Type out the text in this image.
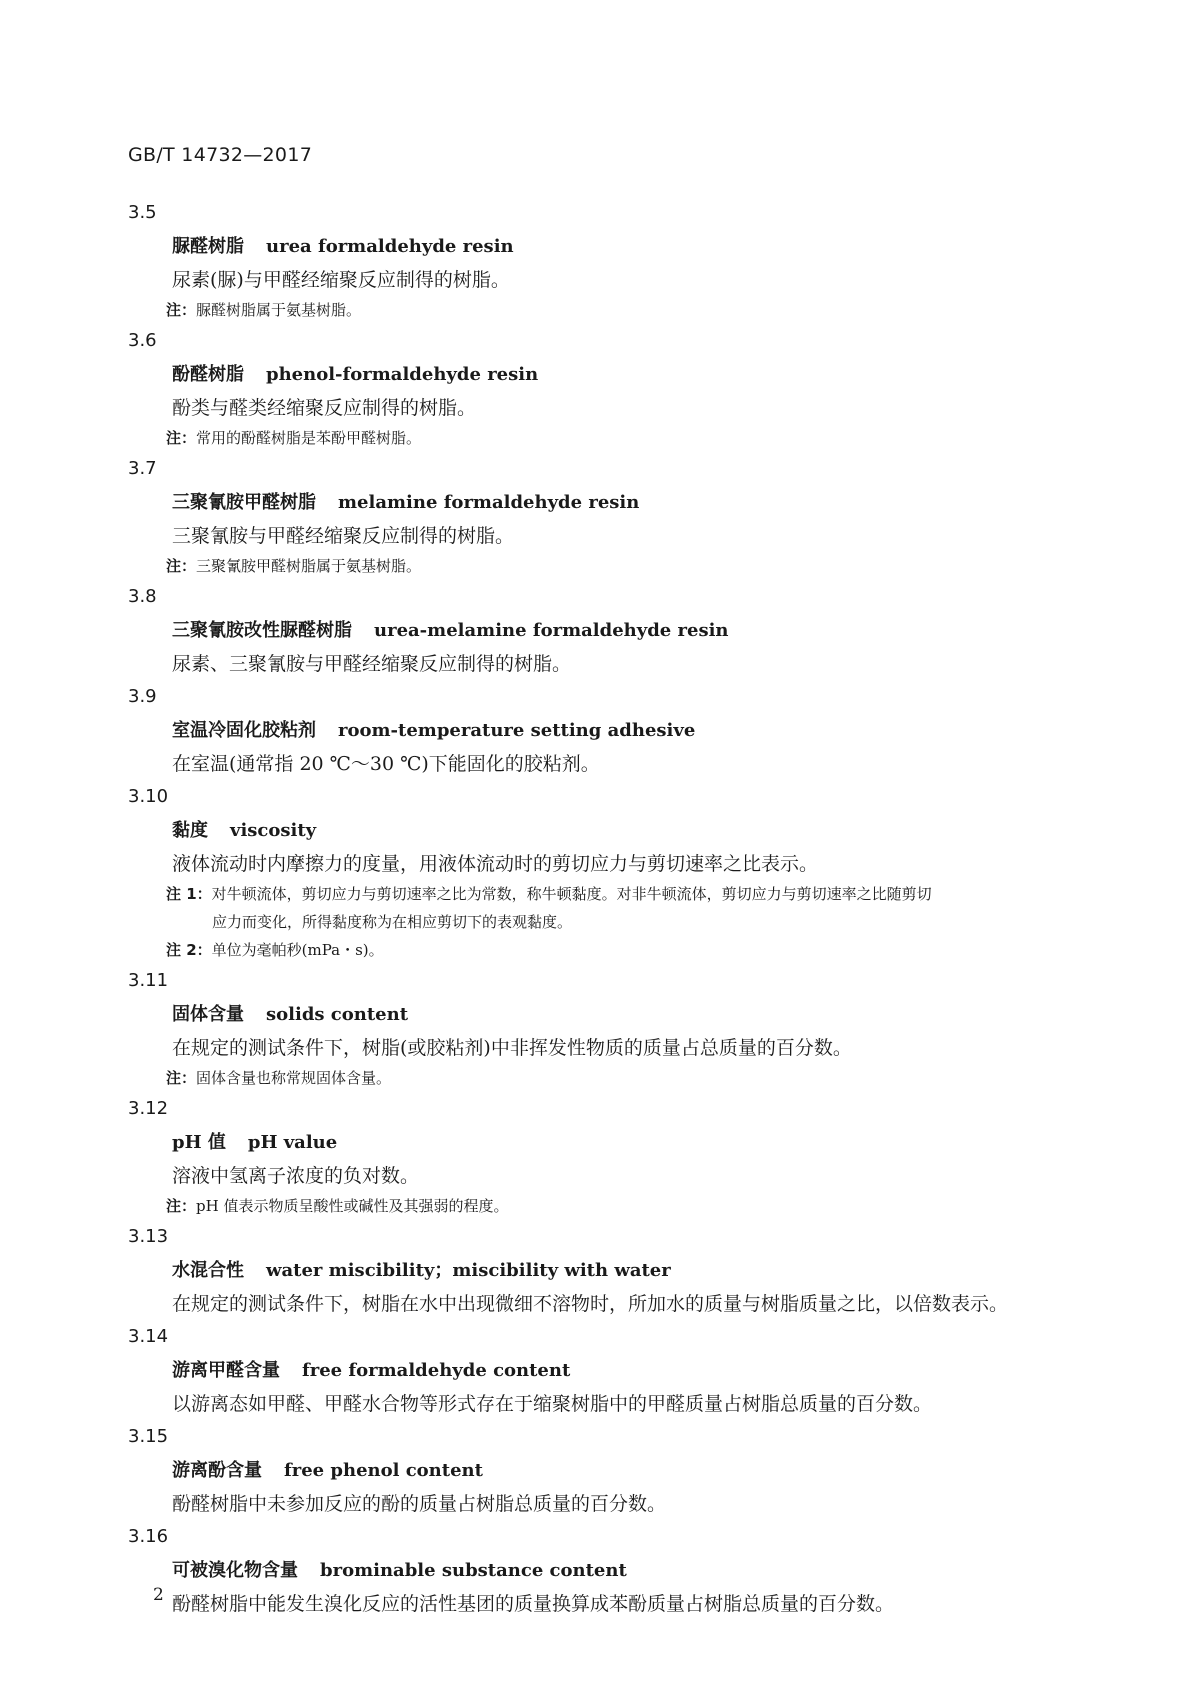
GB/T 14732—2017
3.5
脲醛树脂 urea formaldehyde resin
尿素(脲)与甲醛经缩聚反应制得的树脂。
注：脲醛树脂属于氨基树脂。
3.6
酚醛树脂 phenol-formaldehyde resin
酚类与醛类经缩聚反应制得的树脂。
注：常用的酚醛树脂是苯酚甲醛树脂。
3.7
三聚氰胺甲醛树脂 melamine formaldehyde resin
三聚氰胺与甲醛经缩聚反应制得的树脂。
注：三聚氰胺甲醛树脂属于氨基树脂。
3.8
三聚氰胺改性脲醛树脂 urea-melamine formaldehyde resin
尿素、三聚氰胺与甲醛经缩聚反应制得的树脂。
3.9
室温冷固化胶粘剂 room-temperature setting adhesive
在室温(通常指 20 ℃～30 ℃)下能固化的胶粘剂。
3.10
黏度 viscosity
液体流动时内摩擦力的度量，用液体流动时的剪切应力与剪切速率之比表示。
注 1：对牛顿流体，剪切应力与剪切速率之比为常数，称牛顿黏度。对非牛顿流体，剪切应力与剪切速率之比随剪切
应力而变化，所得黏度称为在相应剪切下的表观黏度。
注 2：单位为毫帕秒(mPa・s)。
3.11
固体含量 solids content
在规定的测试条件下，树脂(或胶粘剂)中非挥发性物质的质量占总质量的百分数。
注：固体含量也称常规固体含量。
3.12
pH 值 pH value
溶液中氢离子浓度的负对数。
注：pH 值表示物质呈酸性或碱性及其强弱的程度。
3.13
水混合性 water miscibility；miscibility with water
在规定的测试条件下，树脂在水中出现微细不溶物时，所加水的质量与树脂质量之比，以倍数表示。
3.14
游离甲醛含量 free formaldehyde content
以游离态如甲醛、甲醛水合物等形式存在于缩聚树脂中的甲醛质量占树脂总质量的百分数。
3.15
游离酚含量 free phenol content
酚醛树脂中未参加反应的酚的质量占树脂总质量的百分数。
3.16
可被溴化物含量 brominable substance content
酚醛树脂中能发生溴化反应的活性基团的质量换算成苯酚质量占树脂总质量的百分数。
2
